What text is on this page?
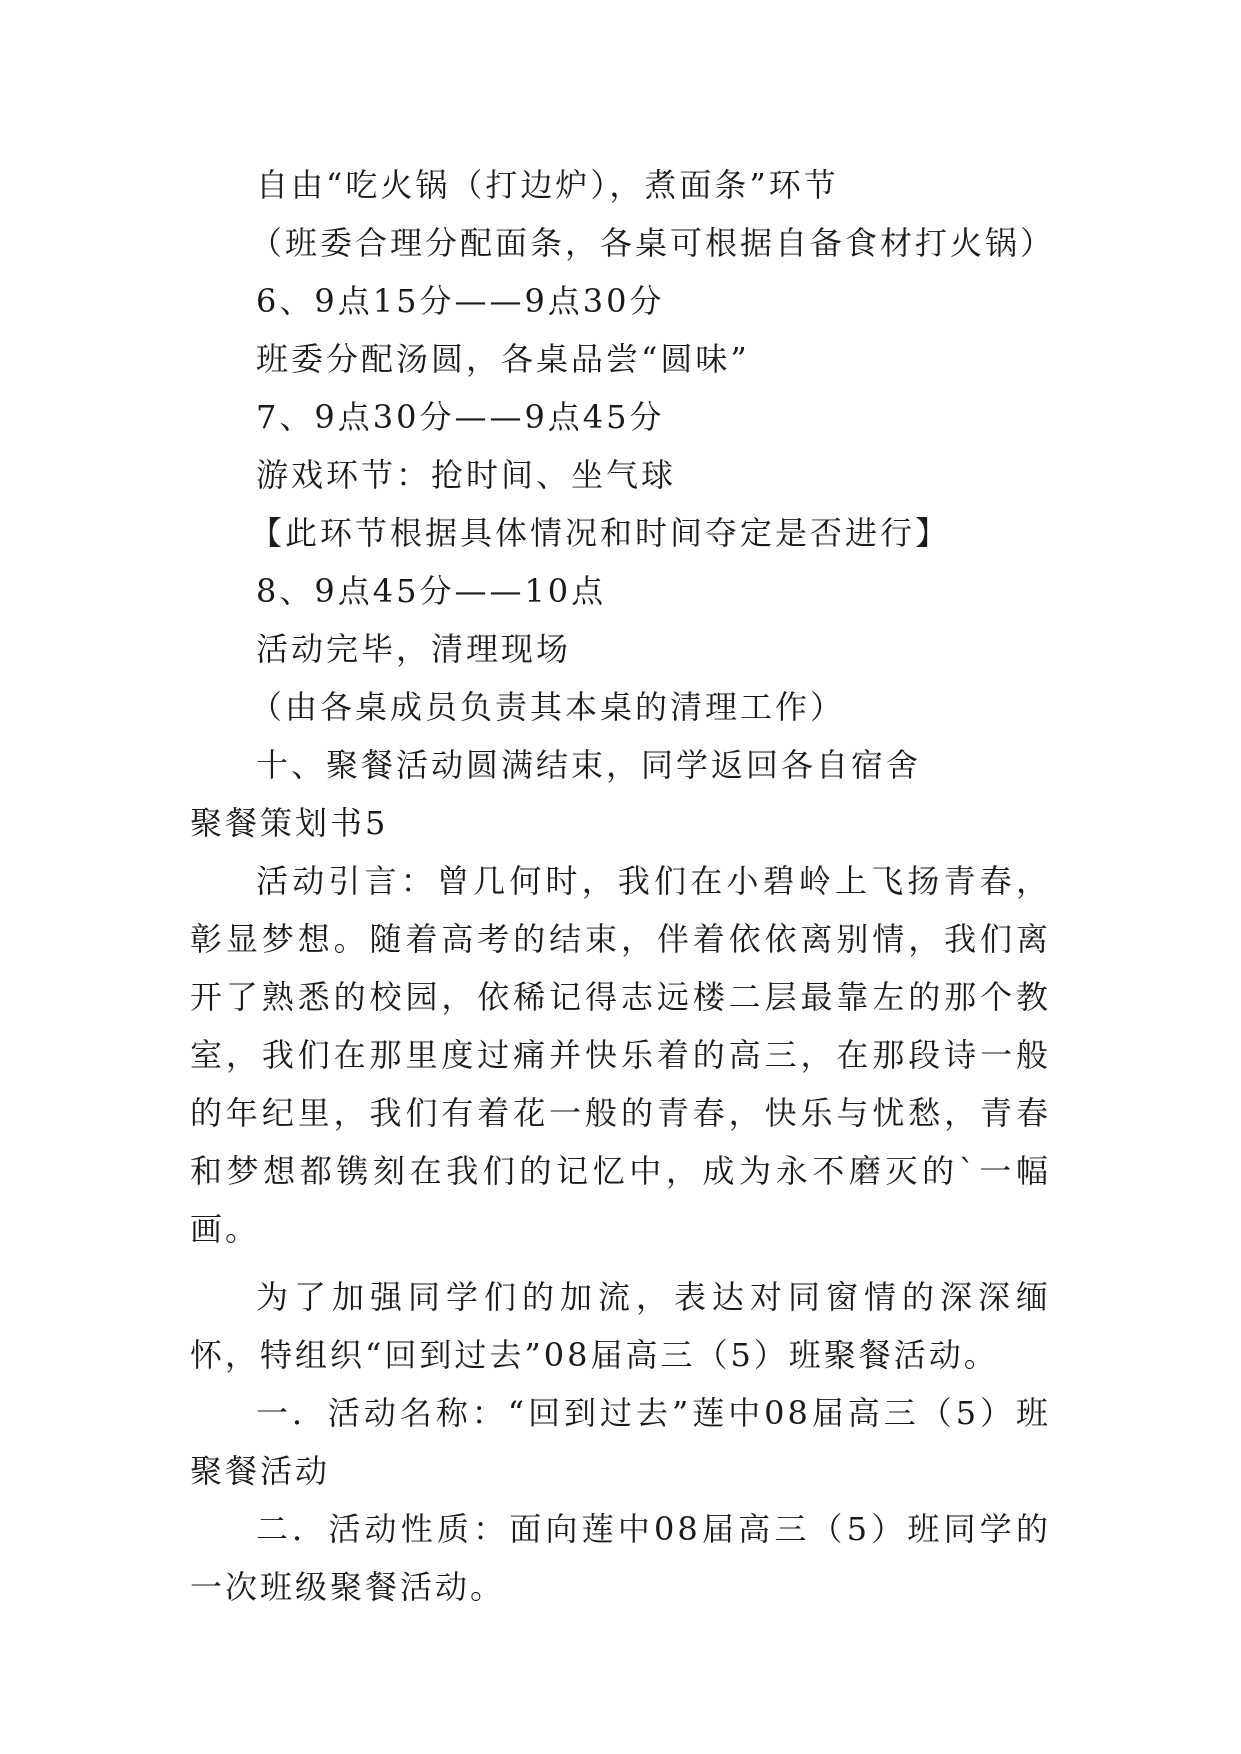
自由“吃火锅（打边炉），煮面条”环节

（班委合理分配面条，各桌可根据自备食材打火锅）

6、9点15分——9点30分

班委分配汤圆，各桌品尝“圆味”

7、9点30分——9点45分

游戏环节：抢时间、坐气球

【此环节根据具体情况和时间夺定是否进行】

8、9点45分——10点

活动完毕，清理现场

（由各桌成员负责其本桌的清理工作）

十、聚餐活动圆满结束，同学返回各自宿舍

聚餐策划书5

活动引言：曾几何时，我们在小碧岭上飞扬青春，彰显梦想。随着高考的结束，伴着依依离别情，我们离开了熟悉的校园，依稀记得志远楼二层最靠左的那个教室，我们在那里度过痛并快乐着的高三，在那段诗一般的年纪里，我们有着花一般的青春，快乐与忧愁，青春和梦想都镌刻在我们的记忆中，成为永不磨灭的`一幅画。

为了加强同学们的加流，表达对同窗情的深深缅怀，特组织“回到过去”08届高三（5）班聚餐活动。

一．活动名称：“回到过去”莲中08届高三（5）班聚餐活动

二．活动性质：面向莲中08届高三（5）班同学的一次班级聚餐活动。
